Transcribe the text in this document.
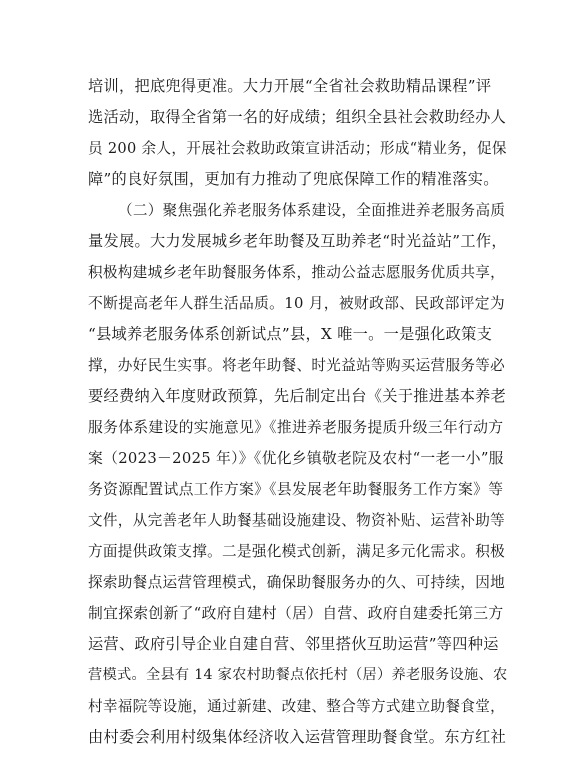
培训，把底兜得更准。大力开展“全省社会救助精品课程”评
选活动，取得全省第一名的好成绩；组织全县社会救助经办人
员 200 余人，开展社会救助政策宣讲活动；形成“精业务，促保
障”的良好氛围，更加有力推动了兜底保障工作的精准落实。
（二）聚焦强化养老服务体系建设，全面推进养老服务高质
量发展。大力发展城乡老年助餐及互助养老“时光益站”工作，
积极构建城乡老年助餐服务体系，推动公益志愿服务优质共享，
不断提高老年人群生活品质。10 月，被财政部、民政部评定为
“县域养老服务体系创新试点”县，X 唯一。一是强化政策支
撑，办好民生实事。将老年助餐、时光益站等购买运营服务等必
要经费纳入年度财政预算，先后制定出台《关于推进基本养老
服务体系建设的实施意见》《推进养老服务提质升级三年行动方
案（2023－2025 年）》《优化乡镇敬老院及农村“一老一小”服
务资源配置试点工作方案》《县发展老年助餐服务工作方案》等
文件，从完善老年人助餐基础设施建设、物资补贴、运营补助等
方面提供政策支撑。二是强化模式创新，满足多元化需求。积极
探索助餐点运营管理模式，确保助餐服务办的久、可持续，因地
制宜探索创新了“政府自建村（居）自营、政府自建委托第三方
运营、政府引导企业自建自营、邻里搭伙互助运营”等四种运
营模式。全县有 14 家农村助餐点依托村（居）养老服务设施、农
村幸福院等设施，通过新建、改建、整合等方式建立助餐食堂，
由村委会利用村级集体经济收入运营管理助餐食堂。东方红社
